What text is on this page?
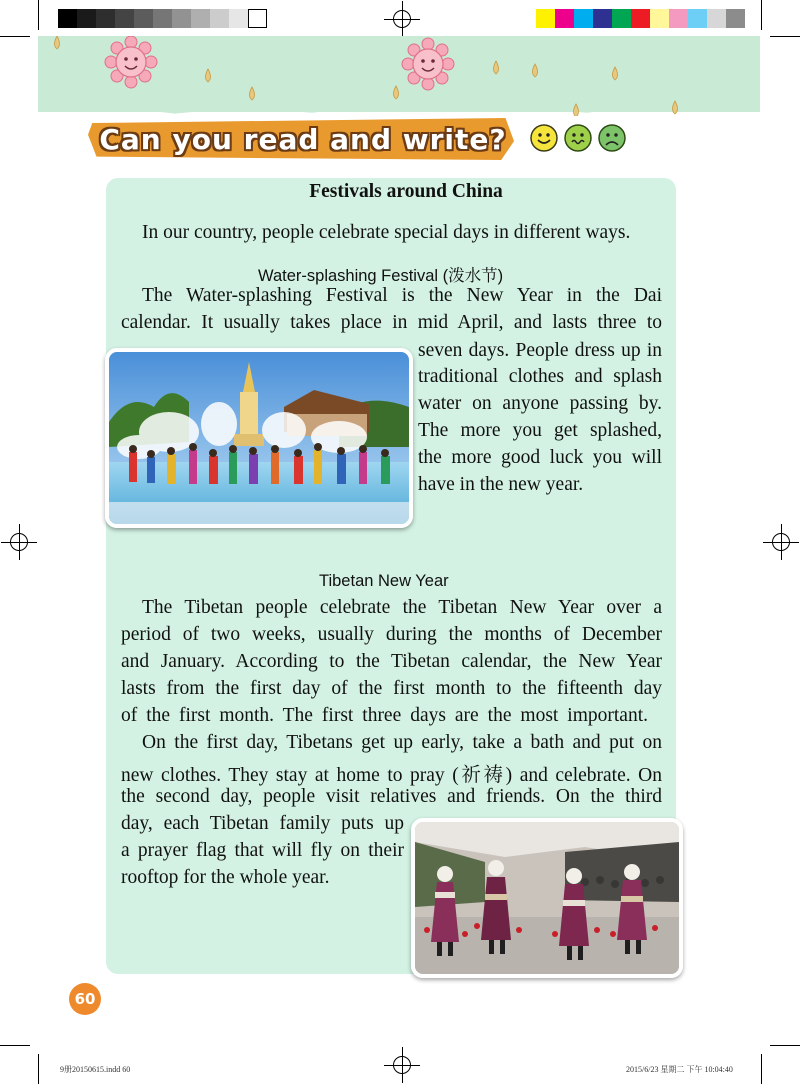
Can you read and write?
Festivals around China
In our country, people celebrate special days in different ways.
Water-splashing Festival (泼水节)
The Water-splashing Festival is the New Year in the Dai
calendar. It usually takes place in mid April, and lasts three to
seven days. People dress up in
traditional clothes and splash
water on anyone passing by.
The more you get splashed,
the more good luck you will
have in the new year.
Tibetan New Year
The Tibetan people celebrate the Tibetan New Year over a
period of two weeks, usually during the months of December
and January. According to the Tibetan calendar, the New Year
lasts from the first day of the first month to the fifteenth day
of the first month. The first three days are the most important.
On the first day, Tibetans get up early, take a bath and put on
new clothes. They stay at home to pray (祈祷) and celebrate. On
the second day, people visit relatives and friends. On the third
day, each Tibetan family puts up
a prayer flag that will fly on their
rooftop for the whole year.
60
9册20150615.indd 60	2015/6/23 星期二 下午 10:04:40
